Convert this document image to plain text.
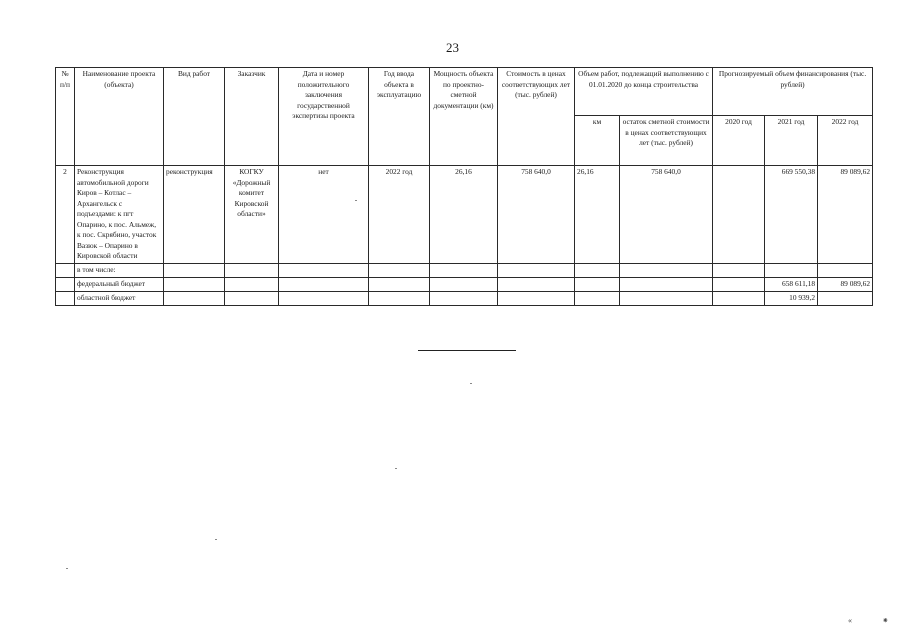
23
№ п/п	Наименование проекта (объекта)	Вид работ	Заказчик	Дата и номер положительного заключения государственной экспертизы проекта	Год ввода объекта в эксплуатацию	Мощность объекта по проектно-сметной документации (км)	Стоимость в ценах соответствующих лет (тыс. рублей)	Объем работ, подлежащий выполнению с 01.01.2020 до конца строительства		Прогнозируемый объем финансирования (тыс. рублей)		
								км	остаток сметной стоимости в ценах соответствующих лет (тыс. рублей)	2020 год	2021 год	2022 год
2	Реконструкция автомобильной дороги Киров – Котлас – Архангельск с подъездами: к пгт Опарино, к пос. Альмеж, к пос. Скрябино, участок Вазюк – Опарино в Кировской области	реконструкция	КОГКУ «Дорожный комитет Кировской области»	нет	2022 год	26,16	758 640,0	26,16	758 640,0		669 550,38	89 089,62
	в том числе:											
	федеральный бюджет										658 611,18	89 089,62
	областной бюджет										10 939,2	
« ⁕
